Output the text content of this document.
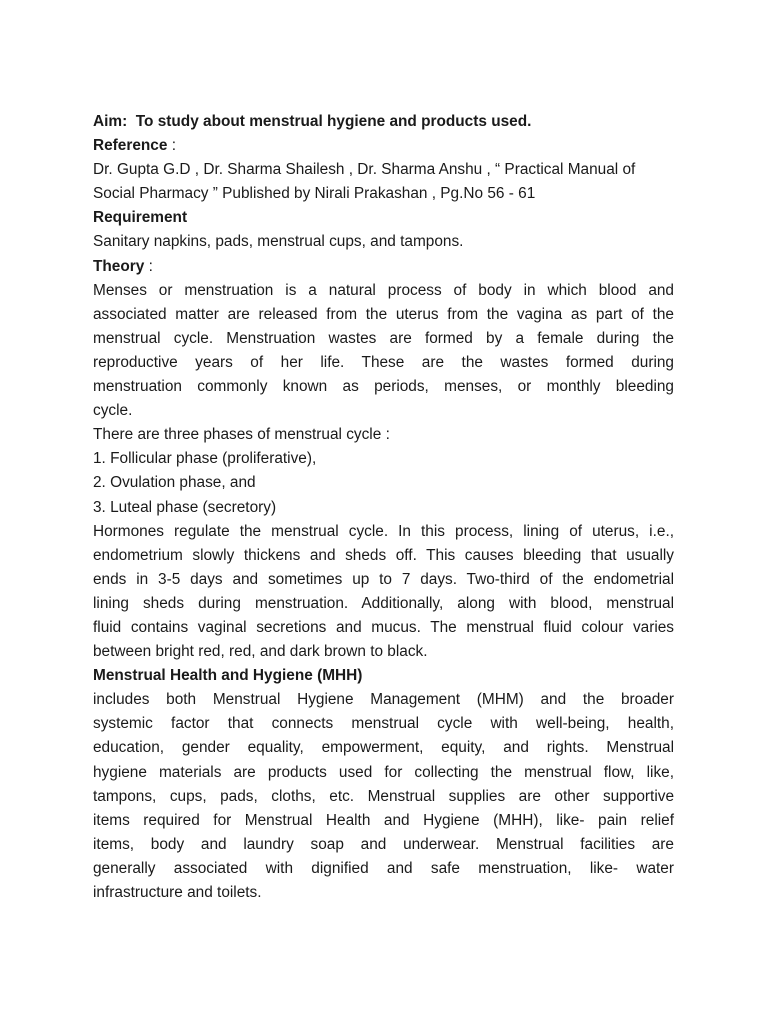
Aim: To study about menstrual hygiene and products used.
Reference :
Dr. Gupta G.D , Dr. Sharma Shailesh , Dr. Sharma Anshu , “ Practical Manual of
Social Pharmacy ” Published by Nirali Prakashan , Pg.No 56 - 61
Requirement
Sanitary napkins, pads, menstrual cups, and tampons.
Theory :
Menses or menstruation is a natural process of body in which blood and
associated matter are released from the uterus from the vagina as part of the
menstrual cycle. Menstruation wastes are formed by a female during the
reproductive years of her life. These are the wastes formed during
menstruation commonly known as periods, menses, or monthly bleeding
cycle.
There are three phases of menstrual cycle :
1. Follicular phase (proliferative),
2. Ovulation phase, and
3. Luteal phase (secretory)
Hormones regulate the menstrual cycle. In this process, lining of uterus, i.e.,
endometrium slowly thickens and sheds off. This causes bleeding that usually
ends in 3-5 days and sometimes up to 7 days. Two-third of the endometrial
lining sheds during menstruation. Additionally, along with blood, menstrual
fluid contains vaginal secretions and mucus. The menstrual fluid colour varies
between bright red, red, and dark brown to black.
Menstrual Health and Hygiene (MHH)
includes both Menstrual Hygiene Management (MHM) and the broader
systemic factor that connects menstrual cycle with well-being, health,
education, gender equality, empowerment, equity, and rights. Menstrual
hygiene materials are products used for collecting the menstrual flow, like,
tampons, cups, pads, cloths, etc. Menstrual supplies are other supportive
items required for Menstrual Health and Hygiene (MHH), like- pain relief
items, body and laundry soap and underwear. Menstrual facilities are
generally associated with dignified and safe menstruation, like- water
infrastructure and toilets.
